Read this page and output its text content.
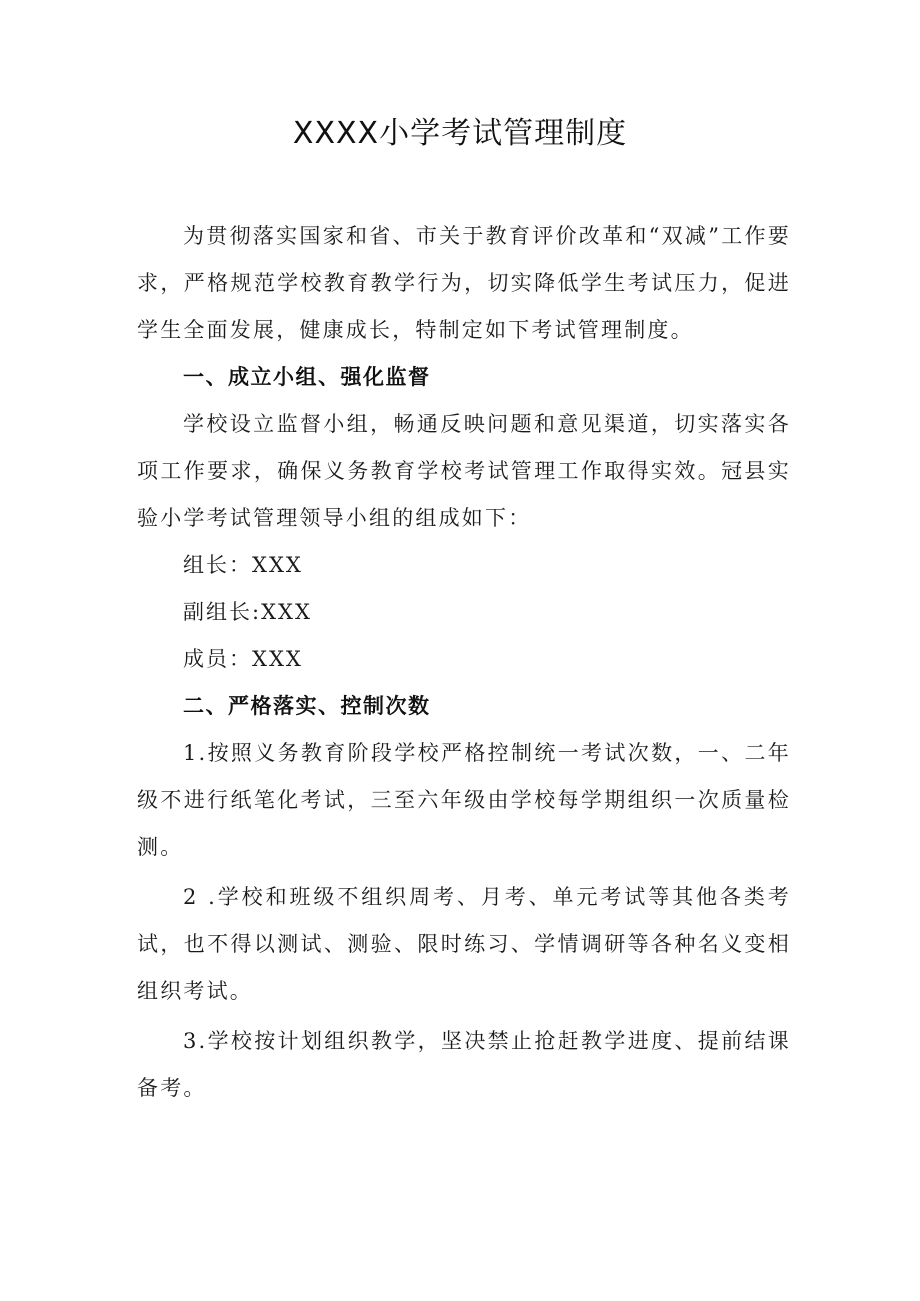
XXXX小学考试管理制度

为贯彻落实国家和省、市关于教育评价改革和“双减”工作要求，严格规范学校教育教学行为，切实降低学生考试压力，促进学生全面发展，健康成长，特制定如下考试管理制度。

一、成立小组、强化监督

学校设立监督小组，畅通反映问题和意见渠道，切实落实各项工作要求，确保义务教育学校考试管理工作取得实效。冠县实验小学考试管理领导小组的组成如下：

组长：XXX

副组长:XXX

成员：XXX

二、严格落实、控制次数

1.按照义务教育阶段学校严格控制统一考试次数，一、二年级不进行纸笔化考试，三至六年级由学校每学期组织一次质量检测。

2 .学校和班级不组织周考、月考、单元考试等其他各类考试，也不得以测试、测验、限时练习、学情调研等各种名义变相组织考试。

3.学校按计划组织教学，坚决禁止抢赶教学进度、提前结课备考。
